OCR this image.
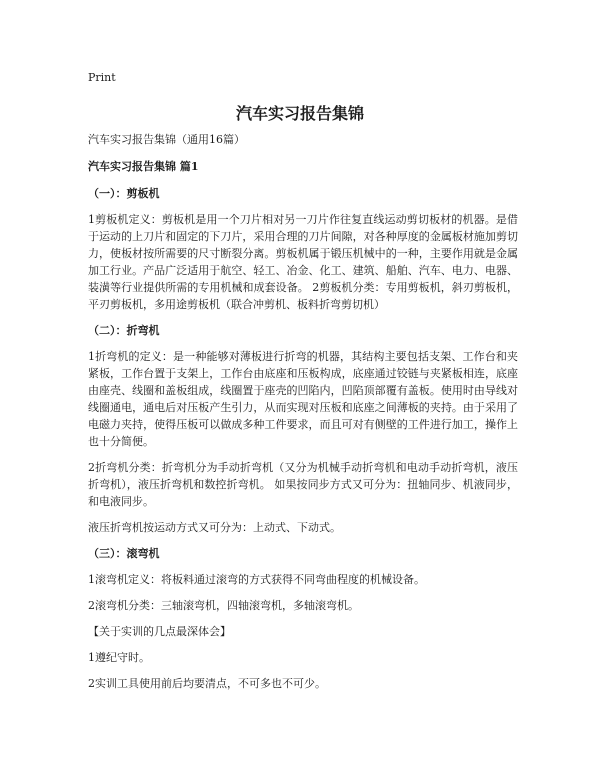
Print
汽车实习报告集锦

汽车实习报告集锦（通用16篇）

汽车实习报告集锦 篇1

（一）：剪板机

1剪板机定义：剪板机是用一个刀片相对另一刀片作往复直线运动剪切板材的机器。是借于运动的上刀片和固定的下刀片，采用合理的刀片间隙，对各种厚度的金属板材施加剪切力，使板材按所需要的尺寸断裂分离。剪板机属于锻压机械中的一种，主要作用就是金属加工行业。产品广泛适用于航空、轻工、冶金、化工、建筑、船舶、汽车、电力、电器、装潢等行业提供所需的专用机械和成套设备。 2剪板机分类：专用剪板机，斜刃剪板机，平刃剪板机，多用途剪板机（联合冲剪机、板料折弯剪切机）

（二）：折弯机

1折弯机的定义：是一种能够对薄板进行折弯的机器，其结构主要包括支架、工作台和夹紧板，工作台置于支架上，工作台由底座和压板构成，底座通过铰链与夹紧板相连，底座由座壳、线圈和盖板组成，线圈置于座壳的凹陷内，凹陷顶部覆有盖板。使用时由导线对线圈通电，通电后对压板产生引力，从而实现对压板和底座之间薄板的夹持。由于采用了电磁力夹持，使得压板可以做成多种工件要求，而且可对有侧壁的工件进行加工，操作上也十分简便。

2折弯机分类：折弯机分为手动折弯机（又分为机械手动折弯机和电动手动折弯机，液压折弯机），液压折弯机和数控折弯机。 如果按同步方式又可分为：扭轴同步、机液同步，和电液同步。

液压折弯机按运动方式又可分为：上动式、下动式。

（三）：滚弯机

1滚弯机定义：将板料通过滚弯的方式获得不同弯曲程度的机械设备。

2滚弯机分类：三轴滚弯机，四轴滚弯机，多轴滚弯机。

【关于实训的几点最深体会】

1遵纪守时。

2实训工具使用前后均要清点，不可多也不可少。
